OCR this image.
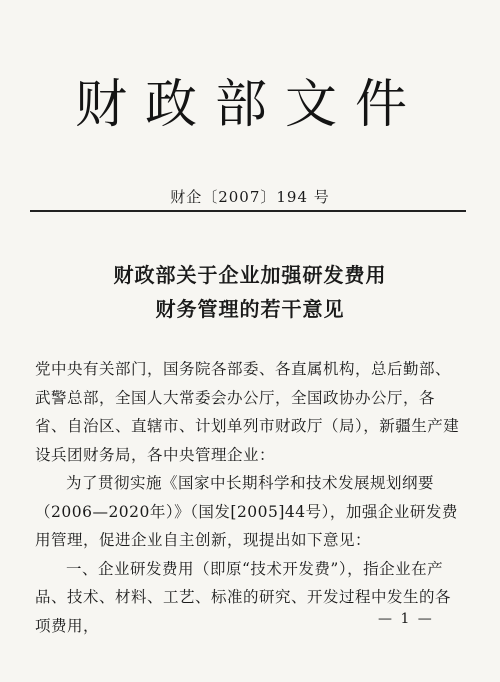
财政部文件
财企〔2007〕194 号
财政部关于企业加强研发费用
财务管理的若干意见

党中央有关部门，国务院各部委、各直属机构，总后勤部、武警总部，全国人大常委会办公厅，全国政协办公厅，各省、自治区、直辖市、计划单列市财政厅（局），新疆生产建设兵团财务局，各中央管理企业：

为了贯彻实施《国家中长期科学和技术发展规划纲要（2006—2020年）》（国发[2005]44号），加强企业研发费用管理，促进企业自主创新，现提出如下意见：

一、企业研发费用（即原“技术开发费”），指企业在产品、技术、材料、工艺、标准的研究、开发过程中发生的各项费用，	— 1 —
